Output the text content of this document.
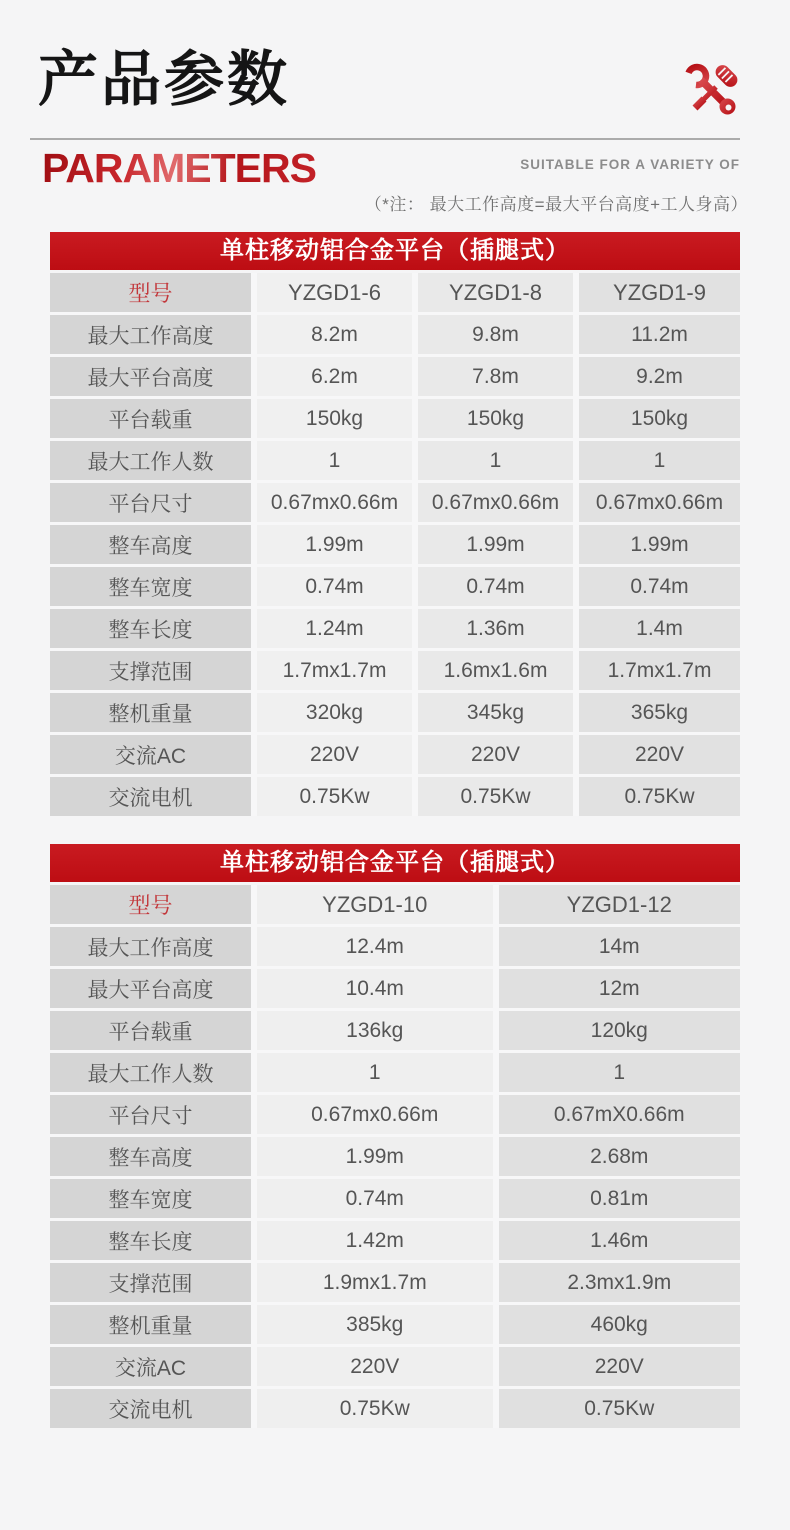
产品参数
PARAMETERS	SUITABLE FOR A VARIETY OF
（*注： 最大工作高度=最大平台高度+工人身高）
单柱移动铝合金平台（插腿式）
型号	YZGD1-6	YZGD1-8	YZGD1-9
最大工作高度	8.2m	9.8m	11.2m
最大平台高度	6.2m	7.8m	9.2m
平台载重	150kg	150kg	150kg
最大工作人数	1	1	1
平台尺寸	0.67mx0.66m	0.67mx0.66m	0.67mx0.66m
整车高度	1.99m	1.99m	1.99m
整车宽度	0.74m	0.74m	0.74m
整车长度	1.24m	1.36m	1.4m
支撑范围	1.7mx1.7m	1.6mx1.6m	1.7mx1.7m
整机重量	320kg	345kg	365kg
交流AC	220V	220V	220V
交流电机	0.75Kw	0.75Kw	0.75Kw
单柱移动铝合金平台（插腿式）
型号	YZGD1-10	YZGD1-12
最大工作高度	12.4m	14m
最大平台高度	10.4m	12m
平台载重	136kg	120kg
最大工作人数	1	1
平台尺寸	0.67mx0.66m	0.67mX0.66m
整车高度	1.99m	2.68m
整车宽度	0.74m	0.81m
整车长度	1.42m	1.46m
支撑范围	1.9mx1.7m	2.3mx1.9m
整机重量	385kg	460kg
交流AC	220V	220V
交流电机	0.75Kw	0.75Kw
